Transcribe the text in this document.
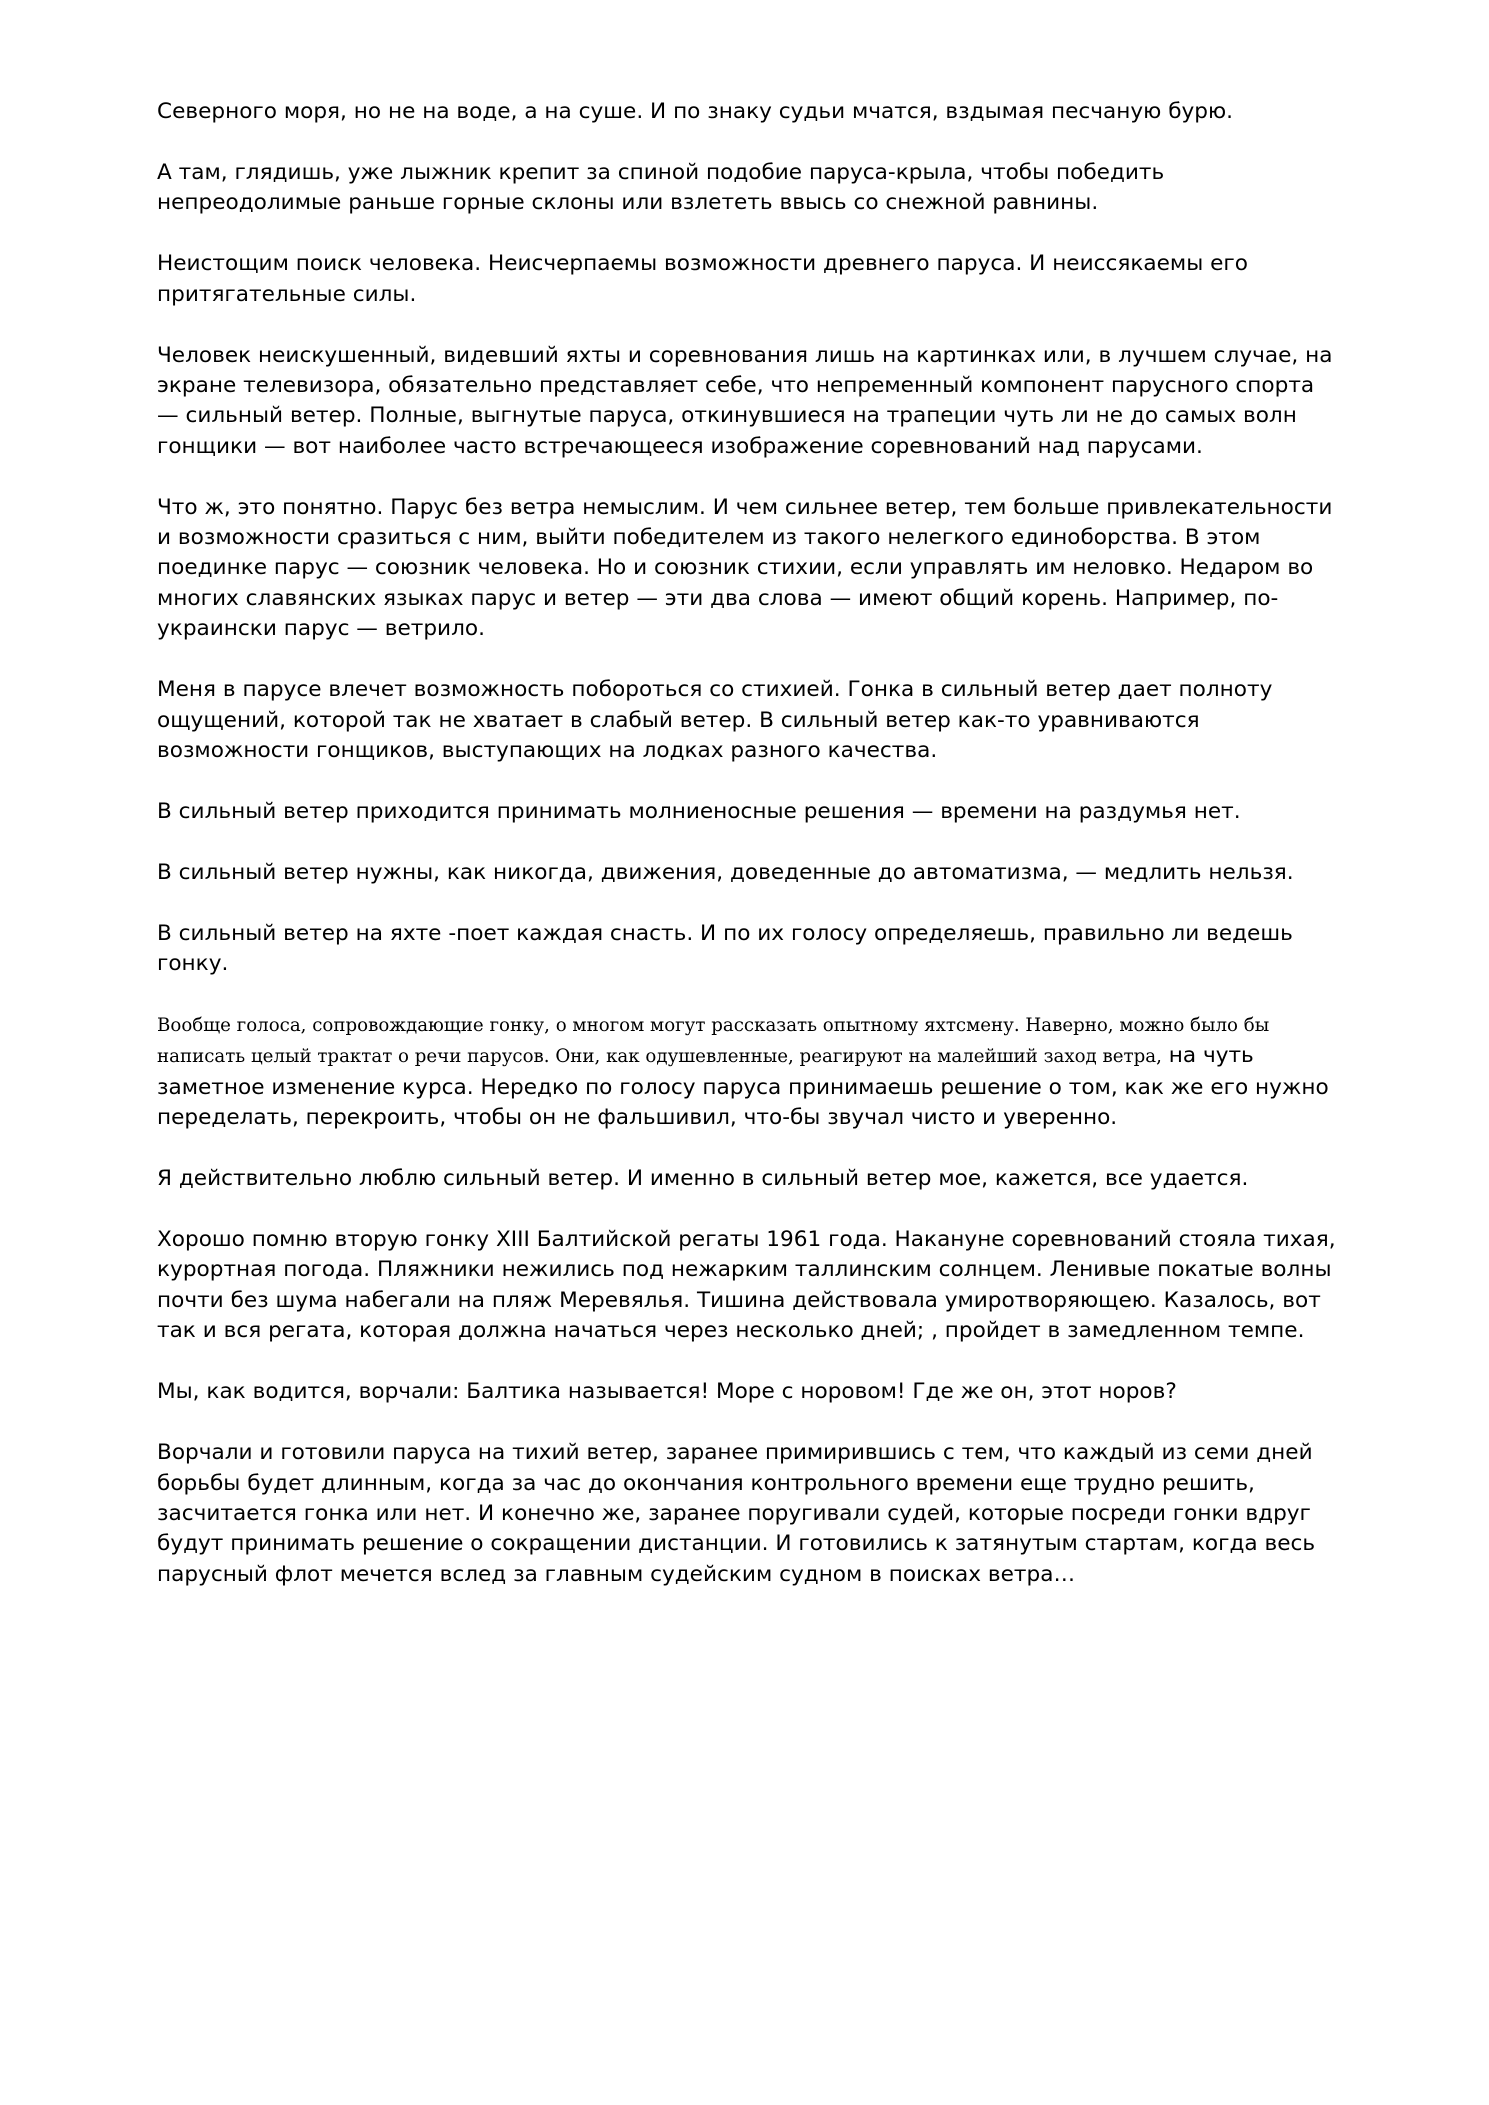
Северного моря, но не на воде, а на суше. И по знаку судьи мчатся, вздымая песчаную бурю.

А там, глядишь, уже лыжник крепит за спиной подобие паруса-крыла, чтобы победить непреодолимые раньше горные склоны или взлететь ввысь со снежной равнины.

Неистощим поиск человека. Неисчерпаемы возможности древнего паруса. И неиссякаемы его притягательные силы.

Человек неискушенный, видевший яхты и соревнования лишь на картинках или, в лучшем случае, на экране телевизора, обязательно представляет себе, что непременный компонент парусного спорта — сильный ветер. Полные, выгнутые паруса, откинувшиеся на трапеции чуть ли не до самых волн гонщики — вот наиболее часто встречающееся изображение соревнований над парусами.

Что ж, это понятно. Парус без ветра немыслим. И чем сильнее ветер, тем больше привлекательности и возможности сразиться с ним, выйти победителем из такого нелегкого единоборства. В этом поединке парус — союзник человека. Но и союзник стихии, если управлять им неловко. Недаром во многих славянских языках парус и ветер — эти два слова — имеют общий корень. Например, по-украински парус — ветрило.

Меня в парусе влечет возможность побороться со стихией. Гонка в сильный ветер дает полноту ощущений, которой так не хватает в слабый ветер. В сильный ветер как-то уравниваются возможности гонщиков, выступающих на лодках разного качества.

В сильный ветер приходится принимать молниеносные решения — времени на раздумья нет.

В сильный ветер нужны, как никогда, движения, доведенные до автоматизма, — медлить нельзя.

В сильный ветер на яхте -поет каждая снасть. И по их голосу определяешь, правильно ли ведешь гонку.

Вообще голоса, сопровождающие гонку, о многом могут рассказать опытному яхтсмену. Наверно, можно было бы написать целый трактат о речи парусов. Они, как одушевленные, реагируют на малейший заход ветра, на чуть заметное изменение курса. Нередко по голосу паруса принимаешь решение о том, как же его нужно переделать, перекроить, чтобы он не фальшивил, что-бы звучал чисто и уверенно.

Я действительно люблю сильный ветер. И именно в сильный ветер мое, кажется, все удается.

Хорошо помню вторую гонку XIII Балтийской регаты 1961 года. Накануне соревнований стояла тихая, курортная погода. Пляжники нежились под нежарким таллинским солнцем. Ленивые покатые волны почти без шума набегали на пляж Меревялья. Тишина действовала умиротворяющею. Казалось, вот так и вся регата, которая должна начаться через несколько дней; , пройдет в замедленном темпе.

Мы, как водится, ворчали: Балтика называется! Море с норовом! Где же он, этот норов?

Ворчали и готовили паруса на тихий ветер, заранее примирившись с тем, что каждый из семи дней борьбы будет длинным, когда за час до окончания контрольного времени еще трудно решить, засчитается гонка или нет. И конечно же, заранее поругивали судей, которые посреди гонки вдруг будут принимать решение о сокращении дистанции. И готовились к затянутым стартам, когда весь парусный флот мечется вслед за главным судейским судном в поисках ветра…
